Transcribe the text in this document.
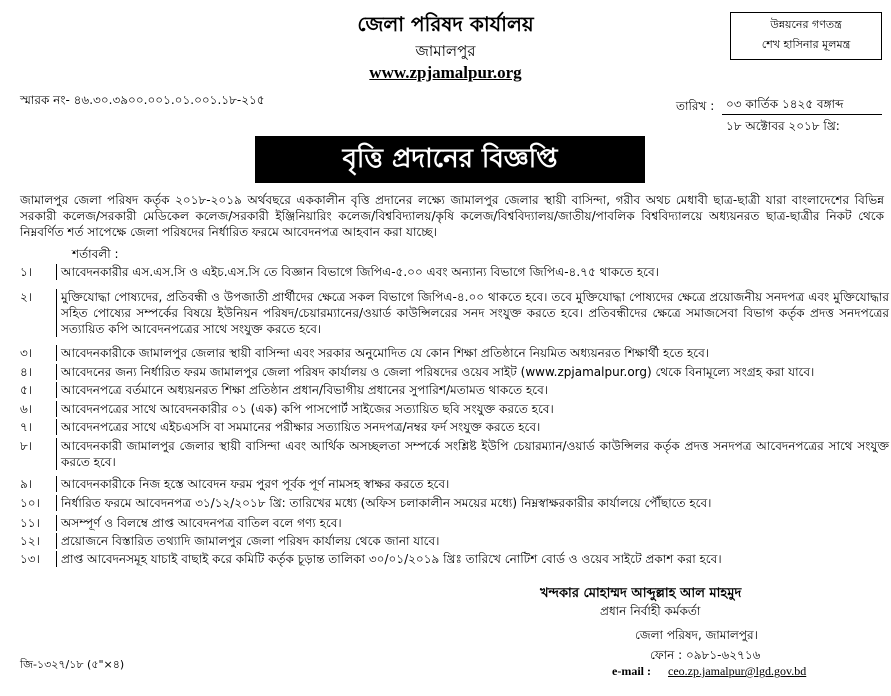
জেলা পরিষদ কার্যালয়
জামালপুর
www.zpjamalpur.org
উন্নয়নের গণতন্ত্র
শেখ হাসিনার মূলমন্ত্র
স্মারক নং- ৪৬.৩০.৩৯০০.০০১.০১.০০১.১৮-২১৫	তারিখ : ০৩ কার্তিক ১৪২৫ বঙ্গাব্দ
১৮ অক্টোবর ২০১৮ খ্রি:
বৃত্তি প্রদানের বিজ্ঞপ্তি
জামালপুর জেলা পরিষদ কর্তৃক ২০১৮-২০১৯ অর্থবছরে এককালীন বৃত্তি প্রদানের লক্ষ্যে জামালপুর জেলার স্থায়ী বাসিন্দা, গরীব অথচ মেধাবী ছাত্র-ছাত্রী যারা বাংলাদেশের বিভিন্ন সরকারী কলেজ/সরকারী মেডিকেল কলেজ/সরকারী ইঞ্জিনিয়ারিং কলেজ/বিশ্ববিদ্যালয়/কৃষি কলেজ/বিশ্ববিদ্যালয়/জাতীয়/পাবলিক বিশ্ববিদ্যালয়ে অধ্যয়নরত ছাত্র-ছাত্রীর নিকট থেকে নিম্নবর্ণিত শর্ত সাপেক্ষে জেলা পরিষদের নির্ধারিত ফরমে আবেদনপত্র আহবান করা যাচ্ছে।
শর্তাবলী :
১।	আবেদনকারীর এস.এস.সি ও এইচ.এস.সি তে বিজ্ঞান বিভাগে জিপিএ-৫.০০ এবং অন্যান্য বিভাগে জিপিএ-৪.৭৫ থাকতে হবে।
২।	মুক্তিযোদ্ধা পোষ্যদের, প্রতিবন্ধী ও উপজাতী প্রার্থীদের ক্ষেত্রে সকল বিভাগে জিপিএ-৪.০০ থাকতে হবে। তবে মুক্তিযোদ্ধা পোষ্যদের ক্ষেত্রে প্রয়োজনীয় সনদপত্র এবং মুক্তিযোদ্ধার সহিত পোষ্যের সম্পর্কের বিষয়ে ইউনিয়ন পরিষদ/চেয়ারম্যানের/ওয়ার্ড কাউন্সিলরের সনদ সংযুক্ত করতে হবে। প্রতিবন্ধীদের ক্ষেত্রে সমাজসেবা বিভাগ কর্তৃক প্রদত্ত সনদপত্রের সত্যায়িত কপি আবেদনপত্রের সাথে সংযুক্ত করতে হবে।
৩।	আবেদনকারীকে জামালপুর জেলার স্থায়ী বাসিন্দা এবং সরকার অনুমোদিত যে কোন শিক্ষা প্রতিষ্ঠানে নিয়মিত অধ্যয়নরত শিক্ষার্থী হতে হবে।
৪।	আবেদনের জন্য নির্ধারিত ফরম জামালপুর জেলা পরিষদ কার্যালয় ও জেলা পরিষদের ওয়েব সাইট (www.zpjamalpur.org) থেকে বিনামূল্যে সংগ্রহ করা যাবে।
৫।	আবেদনপত্রে বর্তমানে অধ্যয়নরত শিক্ষা প্রতিষ্ঠান প্রধান/বিভাগীয় প্রধানের সুপারিশ/মতামত থাকতে হবে।
৬।	আবেদনপত্রের সাথে আবেদনকারীর ০১ (এক) কপি পাসপোর্ট সাইজের সত্যায়িত ছবি সংযুক্ত করতে হবে।
৭।	আবেদনপত্রের সাথে এইচএসসি বা সমমানের পরীক্ষার সত্যায়িত সনদপত্র/নম্বর ফর্দ সংযুক্ত করতে হবে।
৮।	আবেদনকারী জামালপুর জেলার স্থায়ী বাসিন্দা এবং আর্থিক অসচ্ছলতা সম্পর্কে সংশ্লিষ্ট ইউপি চেয়ারম্যান/ওয়ার্ড কাউন্সিলর কর্তৃক প্রদত্ত সনদপত্র আবেদনপত্রের সাথে সংযুক্ত করতে হবে।
৯।	আবেদনকারীকে নিজ হস্তে আবেদন ফরম পুরণ পূর্বক পূর্ণ নামসহ স্বাক্ষর করতে হবে।
১০।	নির্ধারিত ফরমে আবেদনপত্র ৩১/১২/২০১৮ খ্রি: তারিখের মধ্যে (অফিস চলাকালীন সময়ের মধ্যে) নিম্নস্বাক্ষরকারীর কার্যালয়ে পৌঁছাতে হবে।
১১।	অসম্পূর্ণ ও বিলম্বে প্রাপ্ত আবেদনপত্র বাতিল বলে গণ্য হবে।
১২।	প্রয়োজনে বিস্তারিত তথ্যাদি জামালপুর জেলা পরিষদ কার্যালয় থেকে জানা যাবে।
১৩।	প্রাপ্ত আবেদনসমূহ যাচাই বাছাই করে কমিটি কর্তৃক চূড়ান্ত তালিকা ৩০/০১/২০১৯ খ্রিঃ তারিখে নোটিশ বোর্ড ও ওয়েব সাইটে প্রকাশ করা হবে।
খন্দকার মোহাম্মদ আব্দুল্লাহ আল মাহমুদ
প্রধান নির্বাহী কর্মকর্তা
জেলা পরিষদ, জামালপুর।
ফোন : ০৯৮১-৬২৭১৬
e-mail : ceo.zp.jamalpur@lgd.gov.bd
জি-১৩২৭/১৮ (৫"×৪)
